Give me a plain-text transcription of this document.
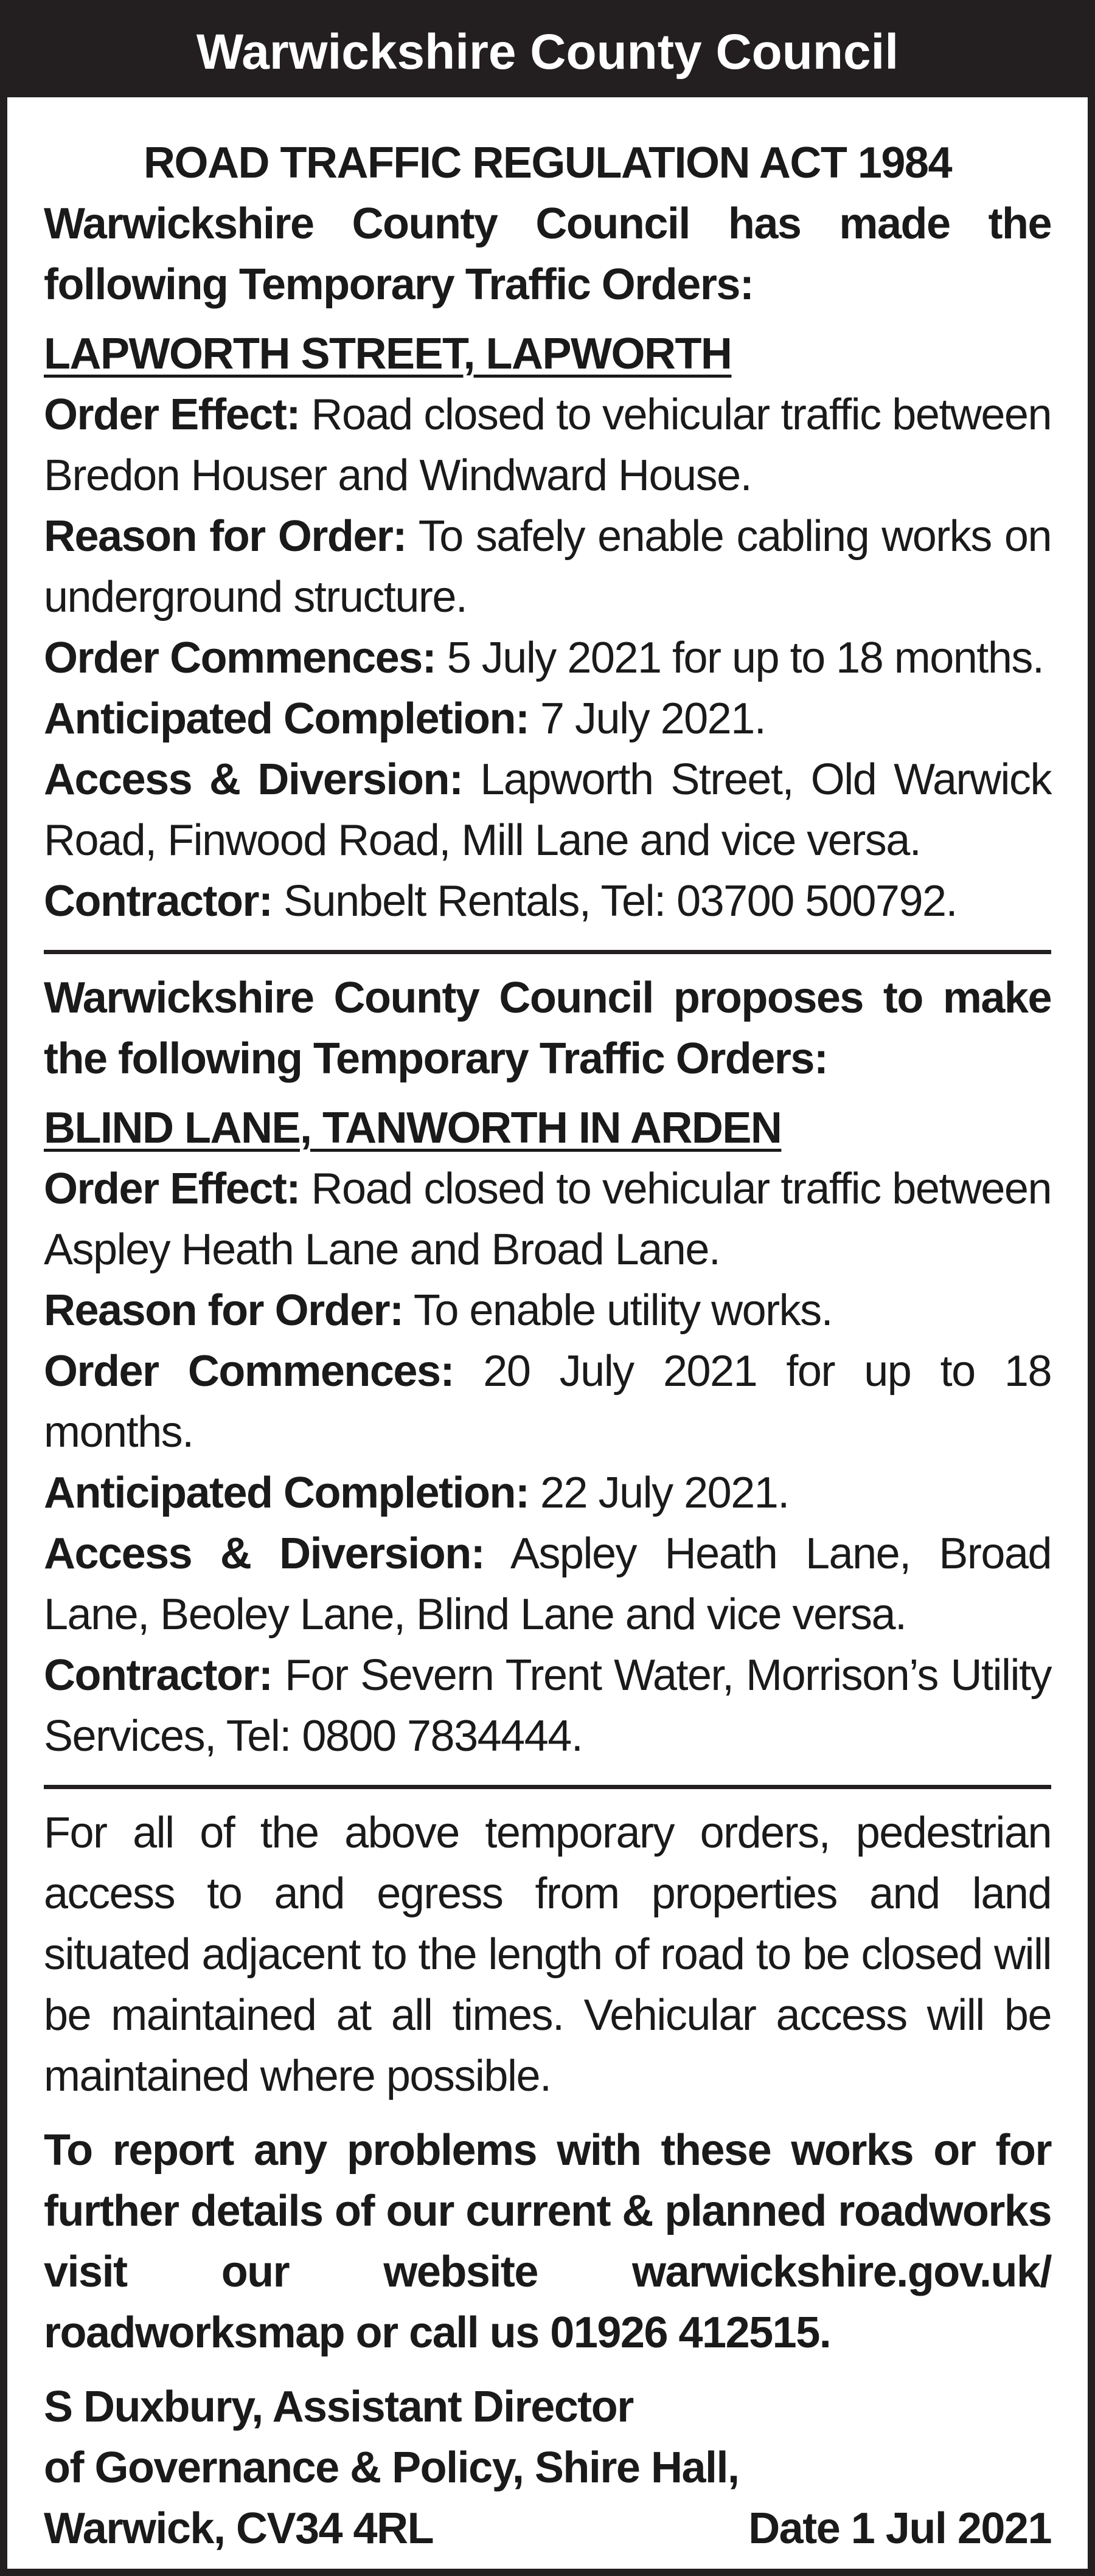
Warwickshire County Council

ROAD TRAFFIC REGULATION ACT 1984

Warwickshire County Council has made the following Temporary Traffic Orders:

LAPWORTH STREET, LAPWORTH

Order Effect: Road closed to vehicular traffic between Bredon Houser and Windward House.

Reason for Order: To safely enable cabling works on underground structure.

Order Commences: 5 July 2021 for up to 18 months.

Anticipated Completion: 7 July 2021.

Access & Diversion: Lapworth Street, Old Warwick Road, Finwood Road, Mill Lane and vice versa.

Contractor: Sunbelt Rentals, Tel: 03700 500792.

Warwickshire County Council proposes to make the following Temporary Traffic Orders:

BLIND LANE, TANWORTH IN ARDEN

Order Effect: Road closed to vehicular traffic between Aspley Heath Lane and Broad Lane.

Reason for Order: To enable utility works.

Order Commences: 20 July 2021 for up to 18 months.

Anticipated Completion: 22 July 2021.

Access & Diversion: Aspley Heath Lane, Broad Lane, Beoley Lane, Blind Lane and vice versa.

Contractor: For Severn Trent Water, Morrison’s Utility Services, Tel: 0800 7834444.

For all of the above temporary orders, pedestrian access to and egress from properties and land situated adjacent to the length of road to be closed will be maintained at all times. Vehicular access will be maintained where possible.

To report any problems with these works or for further details of our current & planned roadworks visit our website warwickshire.gov.uk/ roadworksmap or call us 01926 412515.

S Duxbury, Assistant Director

of Governance & Policy, Shire Hall,

Warwick, CV34 4RL	Date 1 Jul 2021
